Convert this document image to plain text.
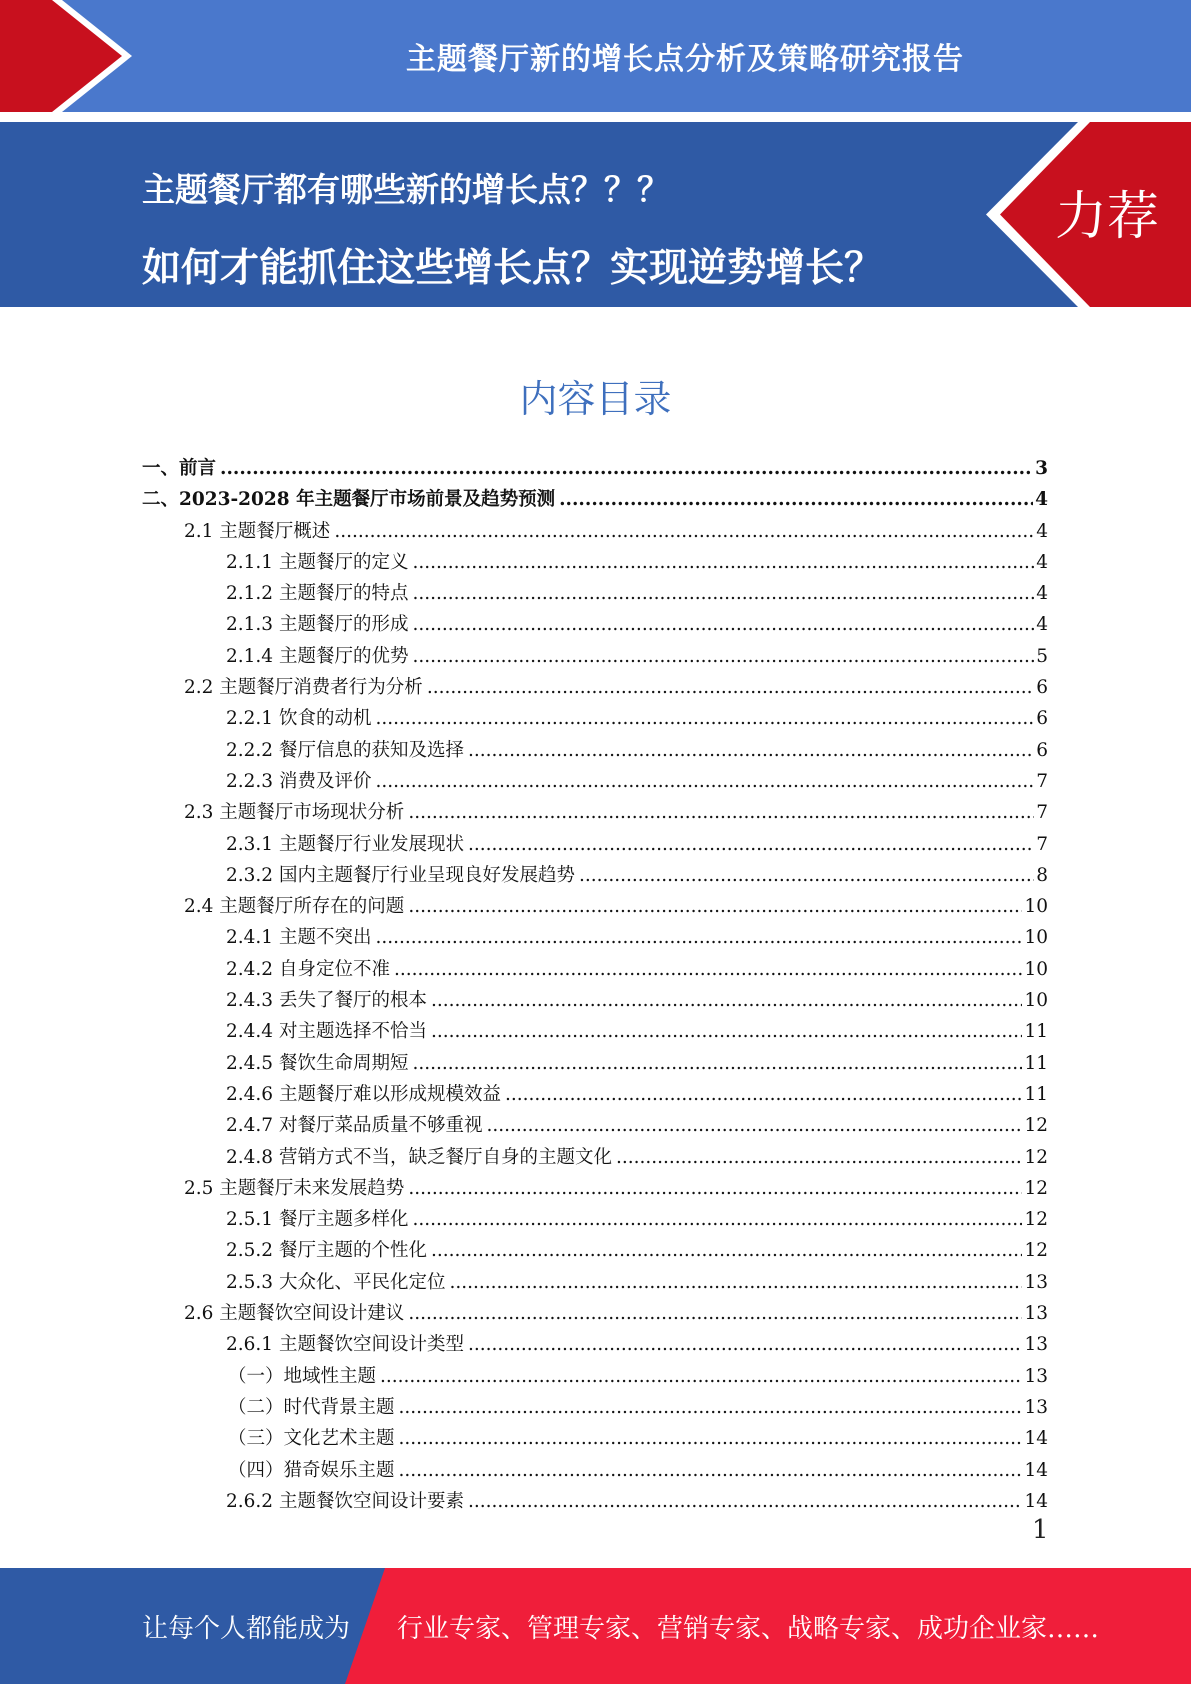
主题餐厅新的增长点分析及策略研究报告
主题餐厅都有哪些新的增长点？？？
如何才能抓住这些增长点？实现逆势增长？
力荐
内容目录
一、前言 .....	3
二、2023-2028 年主题餐厅市场前景及趋势预测 .....	4
2.1 主题餐厅概述 .....	4
2.1.1 主题餐厅的定义 .....	4
2.1.2 主题餐厅的特点 .....	4
2.1.3 主题餐厅的形成 .....	4
2.1.4 主题餐厅的优势 .....	5
2.2 主题餐厅消费者行为分析 .....	6
2.2.1 饮食的动机 .....	6
2.2.2 餐厅信息的获知及选择 .....	6
2.2.3 消费及评价 .....	7
2.3 主题餐厅市场现状分析 .....	7
2.3.1 主题餐厅行业发展现状 .....	7
2.3.2 国内主题餐厅行业呈现良好发展趋势 .....	8
2.4 主题餐厅所存在的问题 .....	10
2.4.1 主题不突出 .....	10
2.4.2 自身定位不准 .....	10
2.4.3 丢失了餐厅的根本 .....	10
2.4.4 对主题选择不恰当 .....	11
2.4.5 餐饮生命周期短 .....	11
2.4.6 主题餐厅难以形成规模效益 .....	11
2.4.7 对餐厅菜品质量不够重视 .....	12
2.4.8 营销方式不当，缺乏餐厅自身的主题文化 .....	12
2.5 主题餐厅未来发展趋势 .....	12
2.5.1 餐厅主题多样化 .....	12
2.5.2 餐厅主题的个性化 .....	12
2.5.3 大众化、平民化定位 .....	13
2.6 主题餐饮空间设计建议 .....	13
2.6.1 主题餐饮空间设计类型 .....	13
（一）地域性主题 .....	13
（二）时代背景主题 .....	13
（三）文化艺术主题 .....	14
（四）猎奇娱乐主题 .....	14
2.6.2 主题餐饮空间设计要素 .....	14
1
让每个人都能成为 行业专家、管理专家、营销专家、战略专家、成功企业家……
